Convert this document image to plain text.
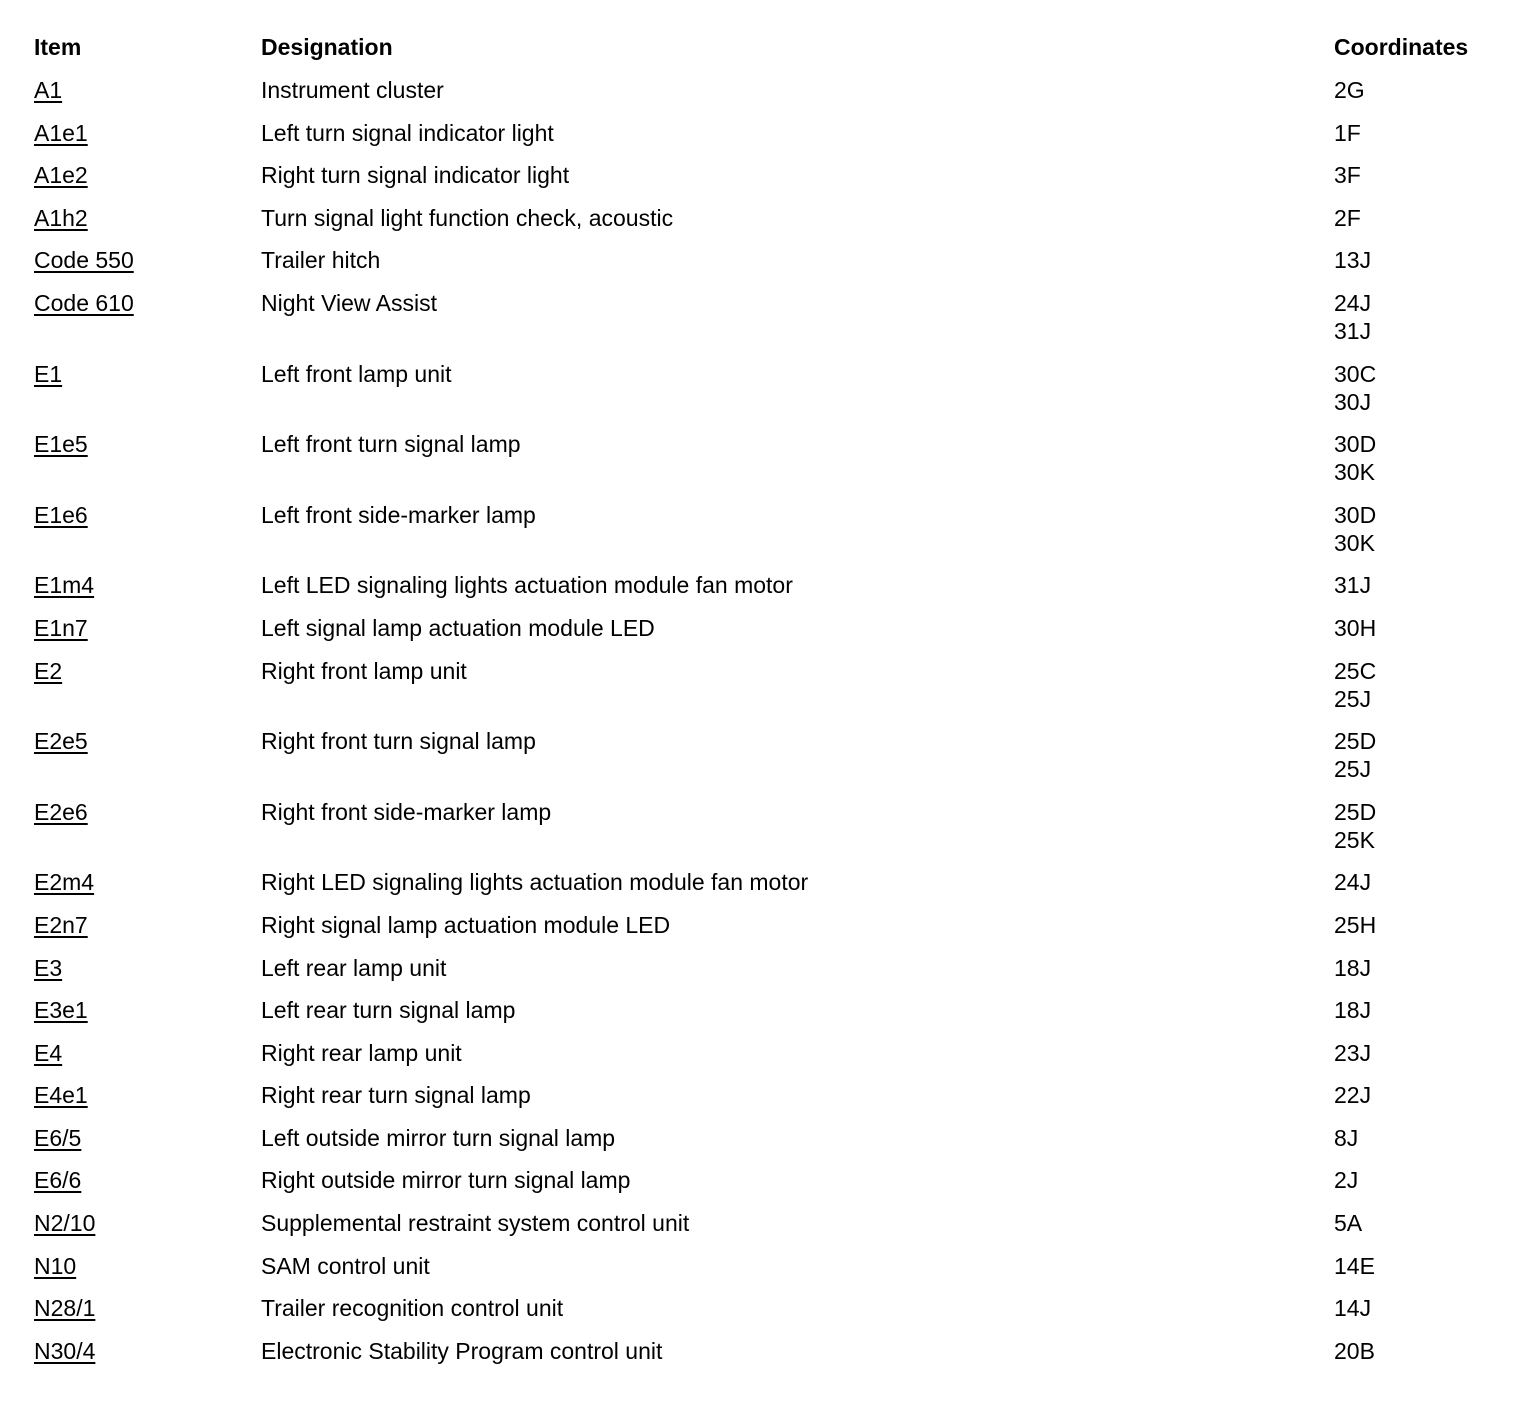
Item	Designation	Coordinates
A1	Instrument cluster	2G
A1e1	Left turn signal indicator light	1F
A1e2	Right turn signal indicator light	3F
A1h2	Turn signal light function check, acoustic	2F
Code 550	Trailer hitch	13J
Code 610	Night View Assist	24J
31J
E1	Left front lamp unit	30C
30J
E1e5	Left front turn signal lamp	30D
30K
E1e6	Left front side-marker lamp	30D
30K
E1m4	Left LED signaling lights actuation module fan motor	31J
E1n7	Left signal lamp actuation module LED	30H
E2	Right front lamp unit	25C
25J
E2e5	Right front turn signal lamp	25D
25J
E2e6	Right front side-marker lamp	25D
25K
E2m4	Right LED signaling lights actuation module fan motor	24J
E2n7	Right signal lamp actuation module LED	25H
E3	Left rear lamp unit	18J
E3e1	Left rear turn signal lamp	18J
E4	Right rear lamp unit	23J
E4e1	Right rear turn signal lamp	22J
E6/5	Left outside mirror turn signal lamp	8J
E6/6	Right outside mirror turn signal lamp	2J
N2/10	Supplemental restraint system control unit	5A
N10	SAM control unit	14E
N28/1	Trailer recognition control unit	14J
N30/4	Electronic Stability Program control unit	20B
